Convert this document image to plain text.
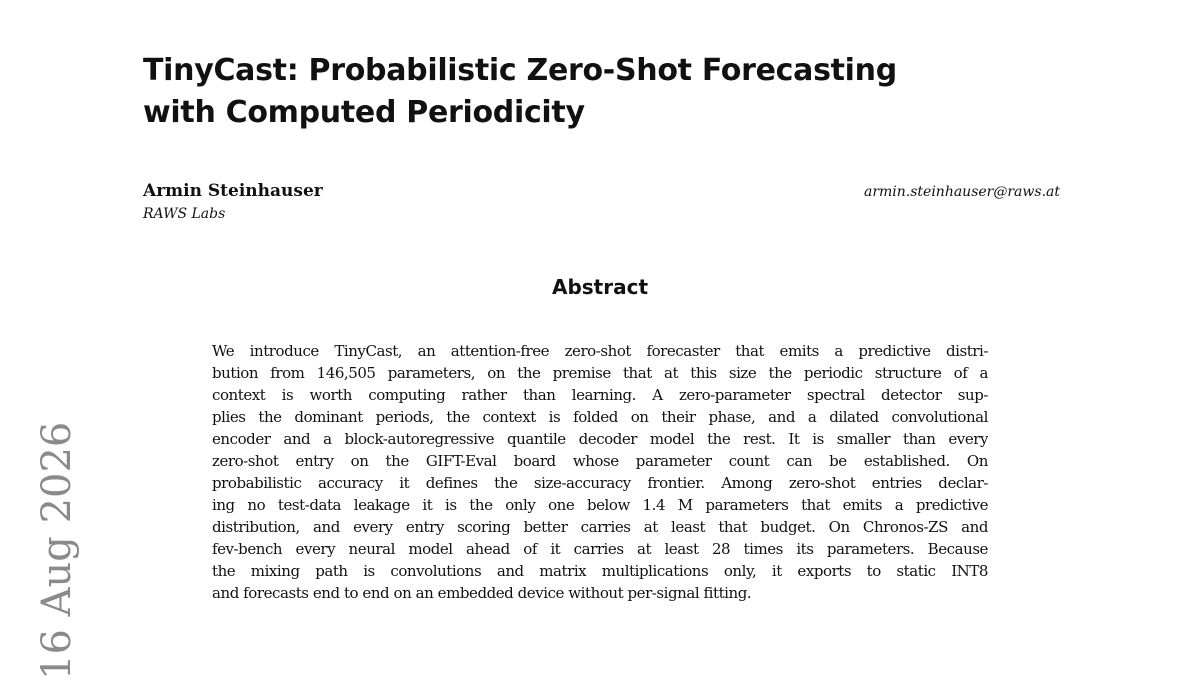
TinyCast: Probabilistic Zero-Shot Forecasting
with Computed Periodicity
Armin Steinhauser
RAWS Labs
armin.steinhauser@raws.at
Abstract
We introduce TinyCast, an attention-free zero-shot forecaster that emits a predictive distri-
bution from 146,505 parameters, on the premise that at this size the periodic structure of a
context is worth computing rather than learning. A zero-parameter spectral detector sup-
plies the dominant periods, the context is folded on their phase, and a dilated convolutional
encoder and a block-autoregressive quantile decoder model the rest. It is smaller than every
zero-shot entry on the GIFT-Eval board whose parameter count can be established. On
probabilistic accuracy it defines the size-accuracy frontier. Among zero-shot entries declar-
ing no test-data leakage it is the only one below 1.4 M parameters that emits a predictive
distribution, and every entry scoring better carries at least that budget. On Chronos-ZS and
fev-bench every neural model ahead of it carries at least 28 times its parameters. Because
the mixing path is convolutions and matrix multiplications only, it exports to static INT8
and forecasts end to end on an embedded device without per-signal fitting.
16 Aug 2026
